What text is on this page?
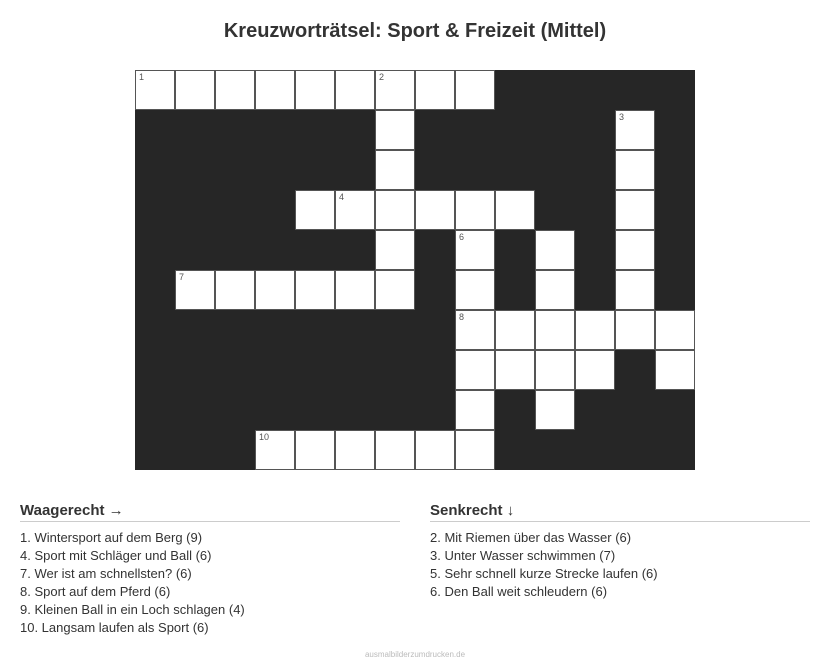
Kreuzworträtsel: Sport & Freizeit (Mittel)
1	2
3
4
6
7
8
10
Waagerecht →
1. Wintersport auf dem Berg (9)
4. Sport mit Schläger und Ball (6)
7. Wer ist am schnellsten? (6)
8. Sport auf dem Pferd (6)
9. Kleinen Ball in ein Loch schlagen (4)
10. Langsam laufen als Sport (6)
Senkrecht ↓
2. Mit Riemen über das Wasser (6)
3. Unter Wasser schwimmen (7)
5. Sehr schnell kurze Strecke laufen (6)
6. Den Ball weit schleudern (6)
ausmalbilderzumdrucken.de
